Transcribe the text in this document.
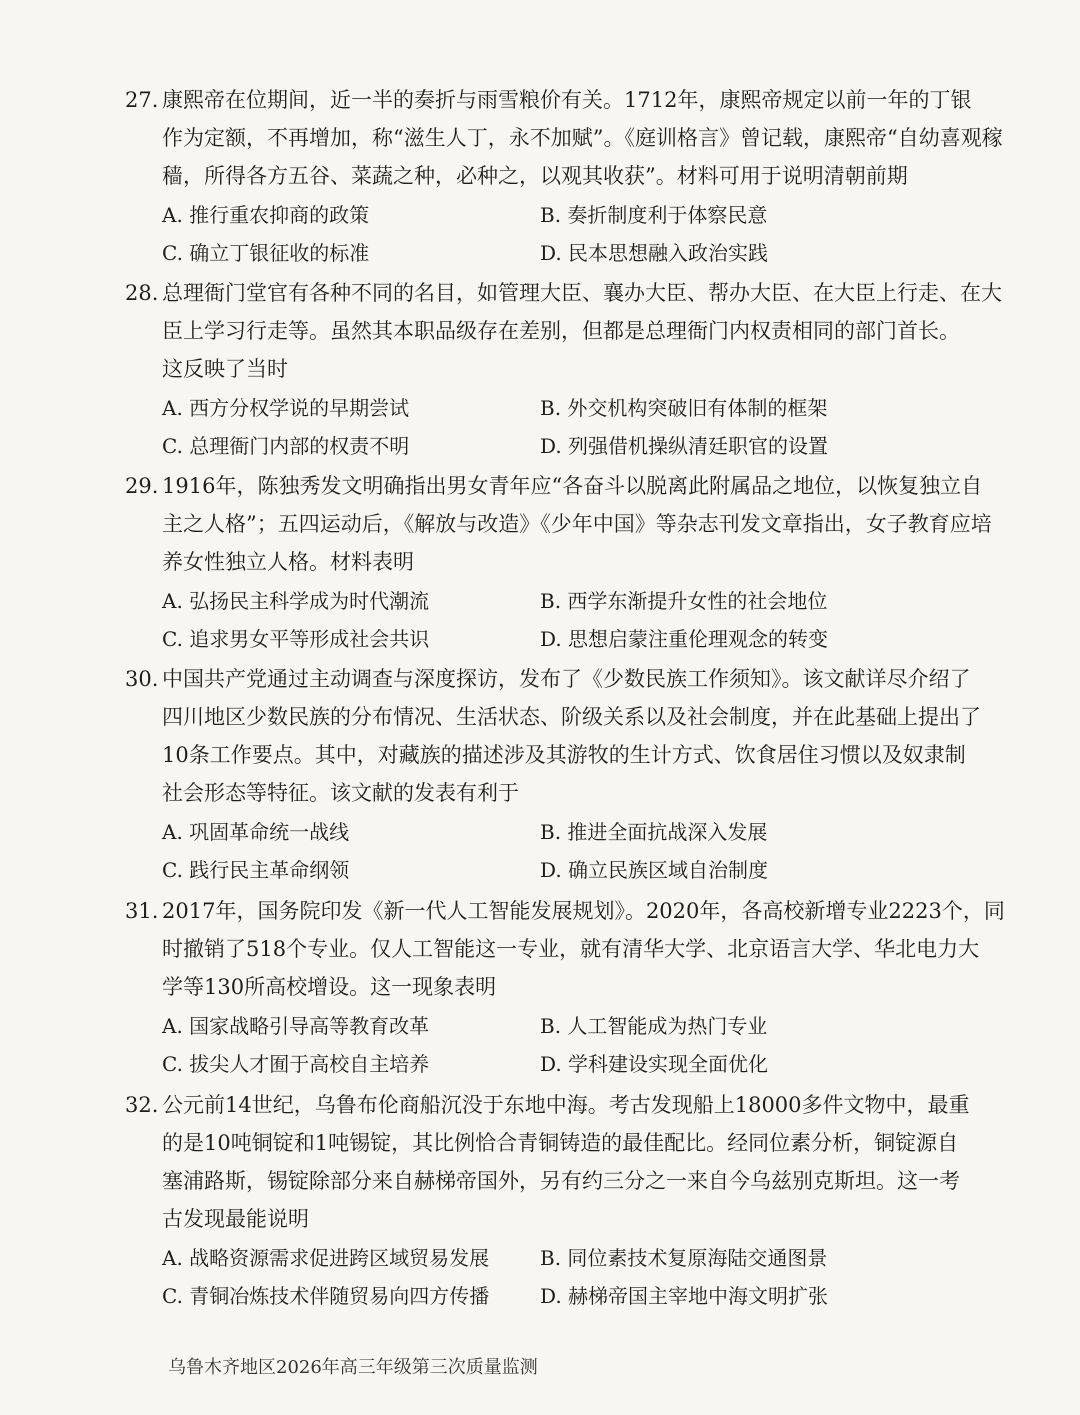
27. 康熙帝在位期间，近一半的奏折与雨雪粮价有关。1712年，康熙帝规定以前一年的丁银
作为定额，不再增加，称“滋生人丁，永不加赋”。《庭训格言》曾记载，康熙帝“自幼喜观稼
穑，所得各方五谷、菜蔬之种，必种之，以观其收获”。材料可用于说明清朝前期
A. 推行重农抑商的政策	B. 奏折制度利于体察民意
C. 确立丁银征收的标准	D. 民本思想融入政治实践
28. 总理衙门堂官有各种不同的名目，如管理大臣、襄办大臣、帮办大臣、在大臣上行走、在大
臣上学习行走等。虽然其本职品级存在差别，但都是总理衙门内权责相同的部门首长。
这反映了当时
A. 西方分权学说的早期尝试	B. 外交机构突破旧有体制的框架
C. 总理衙门内部的权责不明	D. 列强借机操纵清廷职官的设置
29. 1916年，陈独秀发文明确指出男女青年应“各奋斗以脱离此附属品之地位，以恢复独立自
主之人格”；五四运动后，《解放与改造》《少年中国》等杂志刊发文章指出，女子教育应培
养女性独立人格。材料表明
A. 弘扬民主科学成为时代潮流	B. 西学东渐提升女性的社会地位
C. 追求男女平等形成社会共识	D. 思想启蒙注重伦理观念的转变
30. 中国共产党通过主动调查与深度探访，发布了《少数民族工作须知》。该文献详尽介绍了
四川地区少数民族的分布情况、生活状态、阶级关系以及社会制度，并在此基础上提出了
10条工作要点。其中，对藏族的描述涉及其游牧的生计方式、饮食居住习惯以及奴隶制
社会形态等特征。该文献的发表有利于
A. 巩固革命统一战线	B. 推进全面抗战深入发展
C. 践行民主革命纲领	D. 确立民族区域自治制度
31. 2017年，国务院印发《新一代人工智能发展规划》。2020年，各高校新增专业2223个，同
时撤销了518个专业。仅人工智能这一专业，就有清华大学、北京语言大学、华北电力大
学等130所高校增设。这一现象表明
A. 国家战略引导高等教育改革	B. 人工智能成为热门专业
C. 拔尖人才囿于高校自主培养	D. 学科建设实现全面优化
32. 公元前14世纪，乌鲁布伦商船沉没于东地中海。考古发现船上18000多件文物中，最重
的是10吨铜锭和1吨锡锭，其比例恰合青铜铸造的最佳配比。经同位素分析，铜锭源自
塞浦路斯，锡锭除部分来自赫梯帝国外，另有约三分之一来自今乌兹别克斯坦。这一考
古发现最能说明
A. 战略资源需求促进跨区域贸易发展	B. 同位素技术复原海陆交通图景
C. 青铜冶炼技术伴随贸易向四方传播	D. 赫梯帝国主宰地中海文明扩张
乌鲁木齐地区2026年高三年级第三次质量监测
